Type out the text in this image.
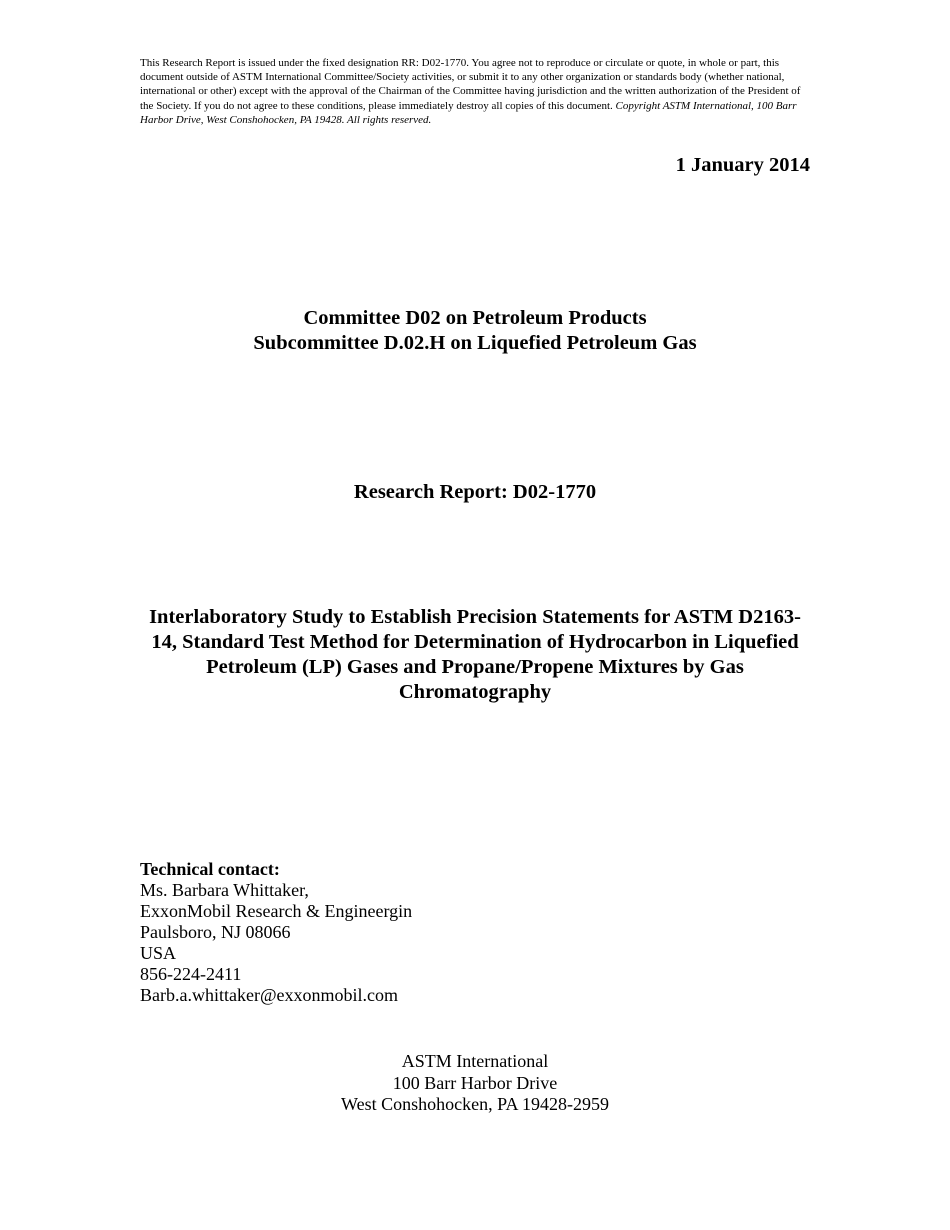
This Research Report is issued under the fixed designation RR: D02-1770. You agree not to reproduce or circulate or quote, in whole or part, this document outside of ASTM International Committee/Society activities, or submit it to any other organization or standards body (whether national, international or other) except with the approval of the Chairman of the Committee having jurisdiction and the written authorization of the President of the Society. If you do not agree to these conditions, please immediately destroy all copies of this document. Copyright ASTM International, 100 Barr Harbor Drive, West Conshohocken, PA 19428. All rights reserved.
1 January 2014
Committee D02 on Petroleum Products
Subcommittee D.02.H on Liquefied Petroleum Gas
Research Report: D02-1770
Interlaboratory Study to Establish Precision Statements for ASTM D2163-14, Standard Test Method for Determination of Hydrocarbon in Liquefied Petroleum (LP) Gases and Propane/Propene Mixtures by Gas Chromatography
Technical contact:
Ms. Barbara Whittaker,
ExxonMobil Research & Engineergin
Paulsboro, NJ 08066
USA
856-224-2411
Barb.a.whittaker@exxonmobil.com
ASTM International
100 Barr Harbor Drive
West Conshohocken, PA 19428-2959
